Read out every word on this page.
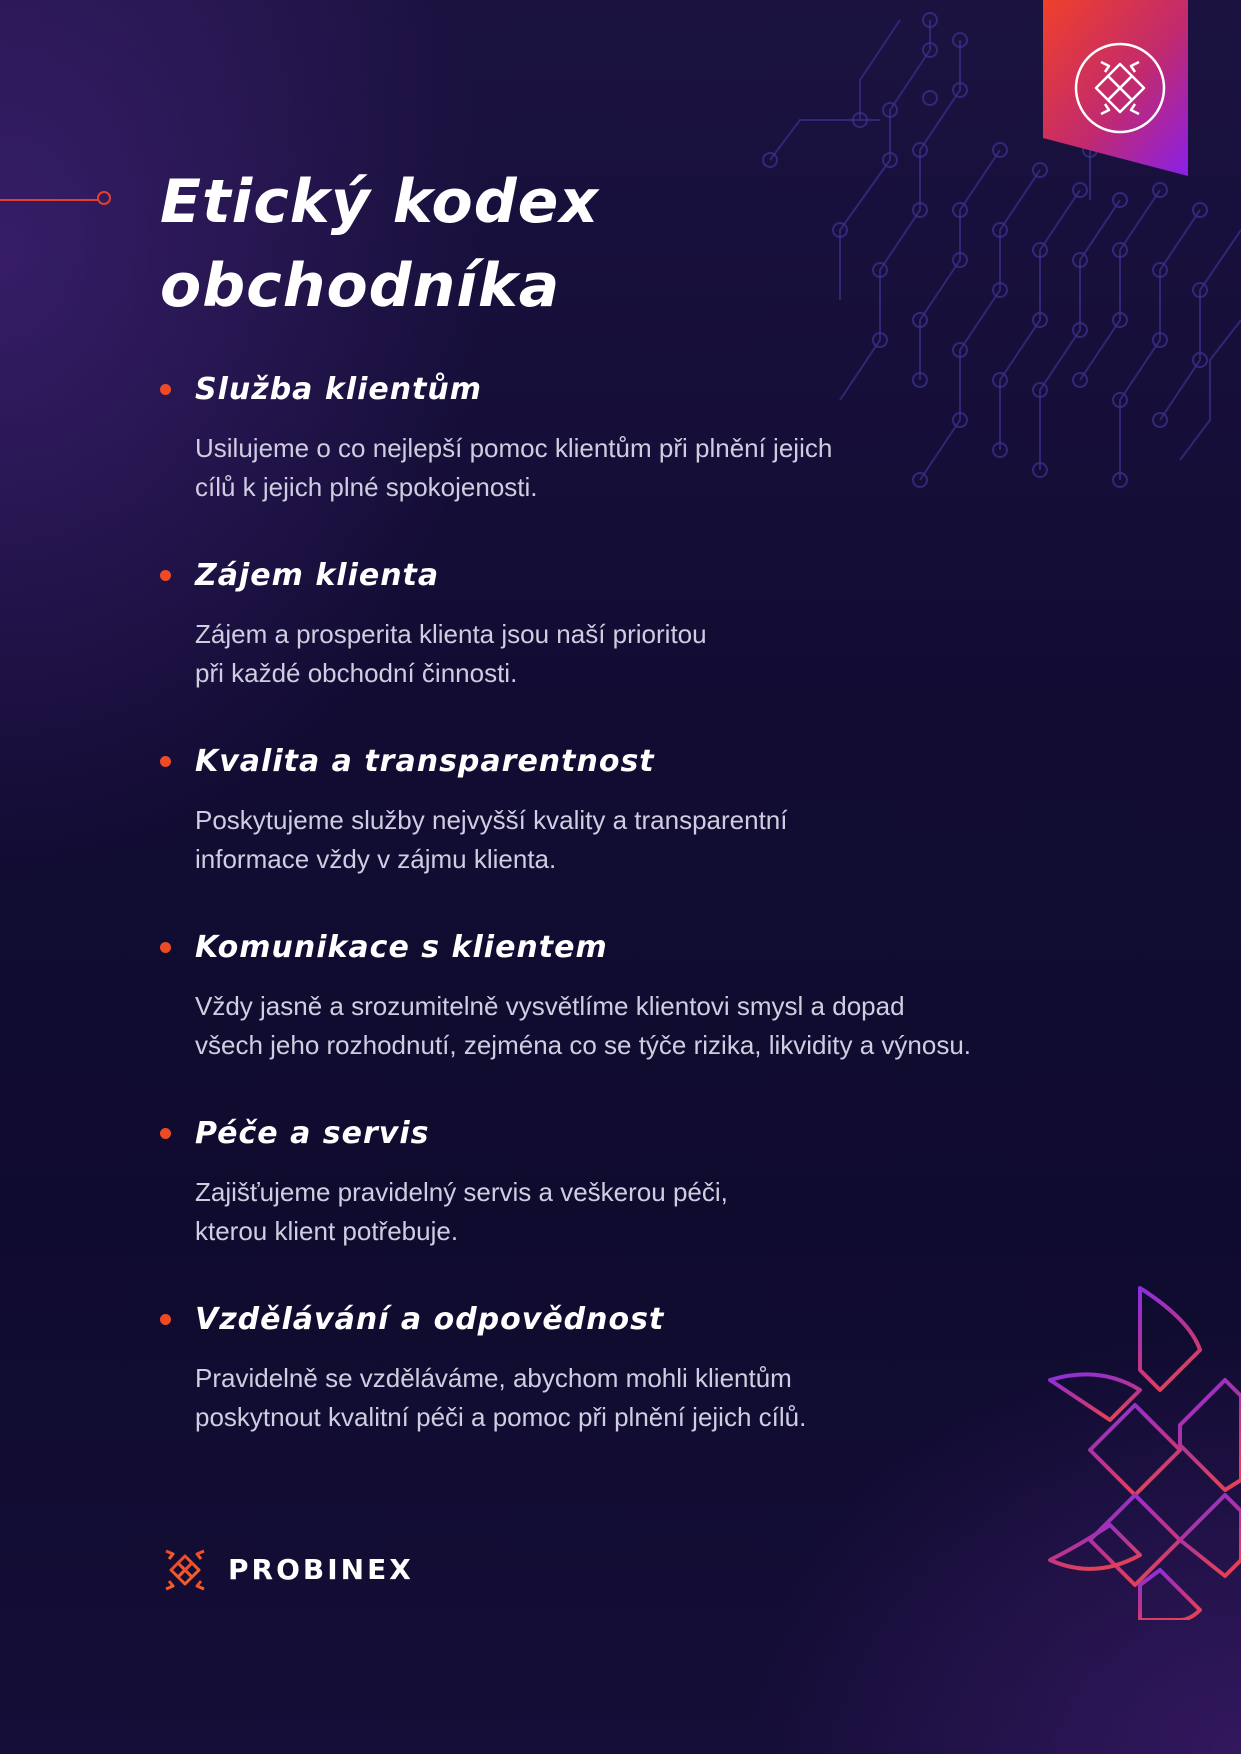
Etický kodex
obchodníka
Služba klientům

Usilujeme o co nejlepší pomoc klientům při plnění jejich
cílů k jejich plné spokojenosti.

Zájem klienta

Zájem a prosperita klienta jsou naší prioritou
při každé obchodní činnosti.

Kvalita a transparentnost

Poskytujeme služby nejvyšší kvality a transparentní
informace vždy v zájmu klienta.

Komunikace s klientem

Vždy jasně a srozumitelně vysvětlíme klientovi smysl a dopad
všech jeho rozhodnutí, zejména co se týče rizika, likvidity a výnosu.

Péče a servis

Zajišťujeme pravidelný servis a veškerou péči,
kterou klient potřebuje.

Vzdělávání a odpovědnost

Pravidelně se vzděláváme, abychom mohli klientům
poskytnout kvalitní péči a pomoc při plnění jejich cílů.

PROBINEX
